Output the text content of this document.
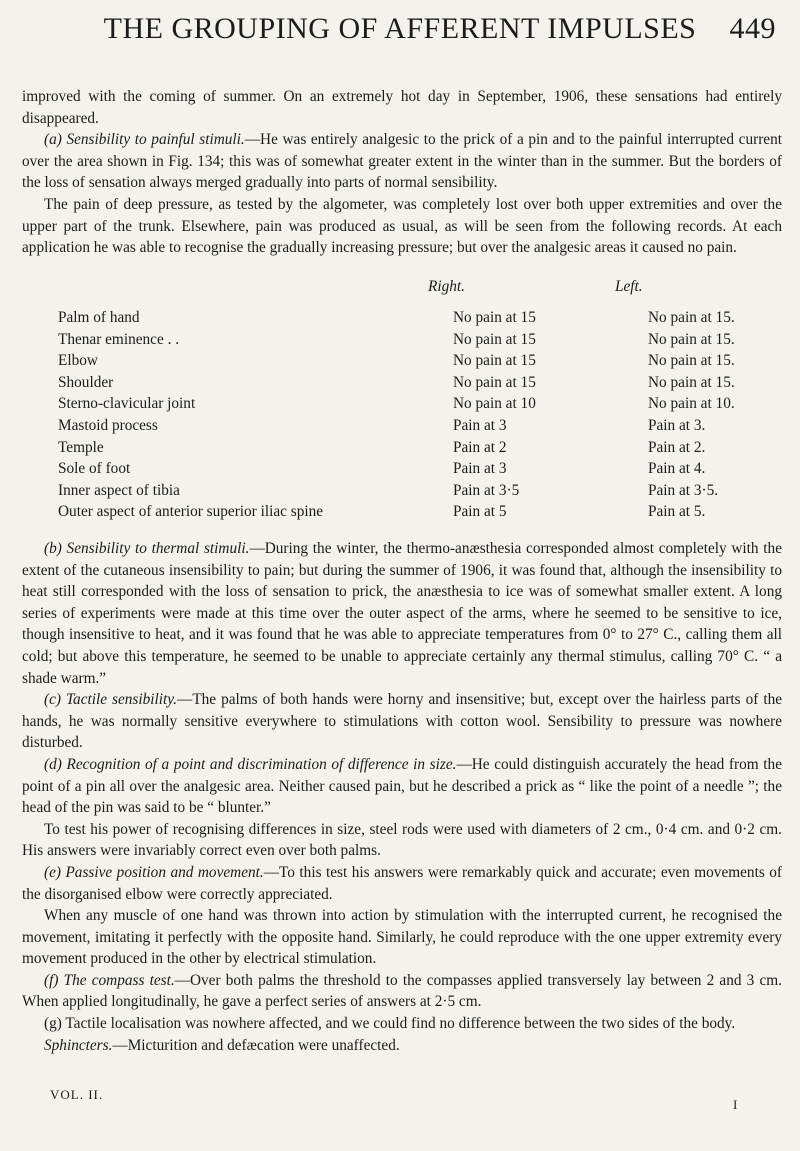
THE GROUPING OF AFFERENT IMPULSES 449

improved with the coming of summer. On an extremely hot day in September, 1906, these sensations had entirely disappeared.

(a) Sensibility to painful stimuli.—He was entirely analgesic to the prick of a pin and to the painful interrupted current over the area shown in Fig. 134; this was of somewhat greater extent in the winter than in the summer. But the borders of the loss of sensation always merged gradually into parts of normal sensibility.

The pain of deep pressure, as tested by the algometer, was completely lost over both upper extremities and over the upper part of the trunk. Elsewhere, pain was produced as usual, as will be seen from the following records. At each application he was able to recognise the gradually increasing pressure; but over the analgesic areas it caused no pain.

Right.	Left.
Palm of hand	No pain at 15	No pain at 15.
Thenar eminence . .	No pain at 15	No pain at 15.
Elbow	No pain at 15	No pain at 15.
Shoulder	No pain at 15	No pain at 15.
Sterno-clavicular joint	No pain at 10	No pain at 10.
Mastoid process	Pain at 3	Pain at 3.
Temple	Pain at 2	Pain at 2.
Sole of foot	Pain at 3	Pain at 4.
Inner aspect of tibia	Pain at 3·5	Pain at 3·5.
Outer aspect of anterior superior iliac spine	Pain at 5	Pain at 5.

(b) Sensibility to thermal stimuli.—During the winter, the thermo-anæsthesia corresponded almost completely with the extent of the cutaneous insensibility to pain; but during the summer of 1906, it was found that, although the insensibility to heat still corresponded with the loss of sensation to prick, the anæsthesia to ice was of somewhat smaller extent. A long series of experiments were made at this time over the outer aspect of the arms, where he seemed to be sensitive to ice, though insensitive to heat, and it was found that he was able to appreciate temperatures from 0° to 27° C., calling them all cold; but above this temperature, he seemed to be unable to appreciate certainly any thermal stimulus, calling 70° C. “ a shade warm.”

(c) Tactile sensibility.—The palms of both hands were horny and insensitive; but, except over the hairless parts of the hands, he was normally sensitive everywhere to stimulations with cotton wool. Sensibility to pressure was nowhere disturbed.

(d) Recognition of a point and discrimination of difference in size.—He could distinguish accurately the head from the point of a pin all over the analgesic area. Neither caused pain, but he described a prick as “ like the point of a needle ”; the head of the pin was said to be “ blunter.”

To test his power of recognising differences in size, steel rods were used with diameters of 2 cm., 0·4 cm. and 0·2 cm. His answers were invariably correct even over both palms.

(e) Passive position and movement.—To this test his answers were remarkably quick and accurate; even movements of the disorganised elbow were correctly appreciated.

When any muscle of one hand was thrown into action by stimulation with the interrupted current, he recognised the movement, imitating it perfectly with the opposite hand. Similarly, he could reproduce with the one upper extremity every movement produced in the other by electrical stimulation.

(f) The compass test.—Over both palms the threshold to the compasses applied transversely lay between 2 and 3 cm. When applied longitudinally, he gave a perfect series of answers at 2·5 cm.

(g) Tactile localisation was nowhere affected, and we could find no difference between the two sides of the body.

Sphincters.—Micturition and defæcation were unaffected.

VOL. II.
I
